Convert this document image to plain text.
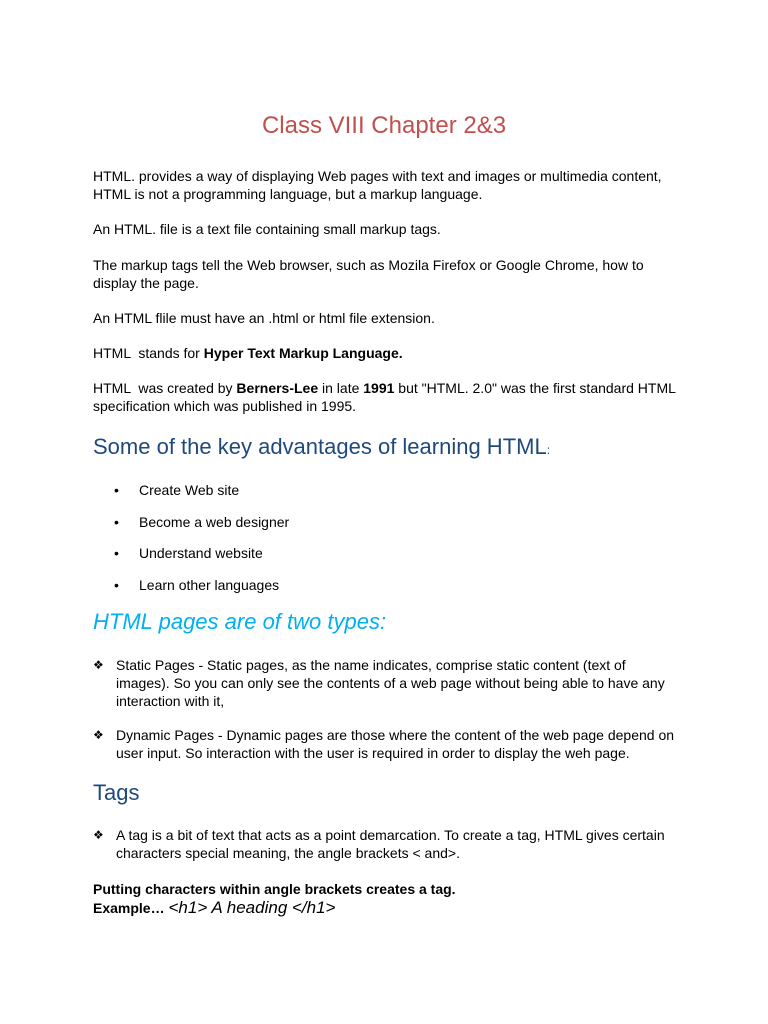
Class VIII Chapter 2&3
HTML. provides a way of displaying Web pages with text and images or multimedia content, HTML is not a programming language, but a markup language.
An HTML. file is a text file containing small markup tags.
The markup tags tell the Web browser, such as Mozila Firefox or Google Chrome, how to display the page.
An HTML flile must have an .html or html file extension.
HTML  stands for Hyper Text Markup Language.
HTML  was created by Berners-Lee in late 1991 but "HTML. 2.0" was the first standard HTML specification which was published in 1995.
Some of the key advantages of learning HTML:
•	Create Web site
•	Become a web designer
•	Understand website
•	Learn other languages
HTML pages are of two types:
❖ Static Pages - Static pages, as the name indicates, comprise static content (text of images). So you can only see the contents of a web page without being able to have any interaction with it,
❖ Dynamic Pages - Dynamic pages are those where the content of the web page depend on user input. So interaction with the user is required in order to display the weh page.
Tags
❖ A tag is a bit of text that acts as a point demarcation. To create a tag, HTML gives certain characters special meaning, the angle brackets < and>.
Putting characters within angle brackets creates a tag.
Example… <h1> A heading </h1>
